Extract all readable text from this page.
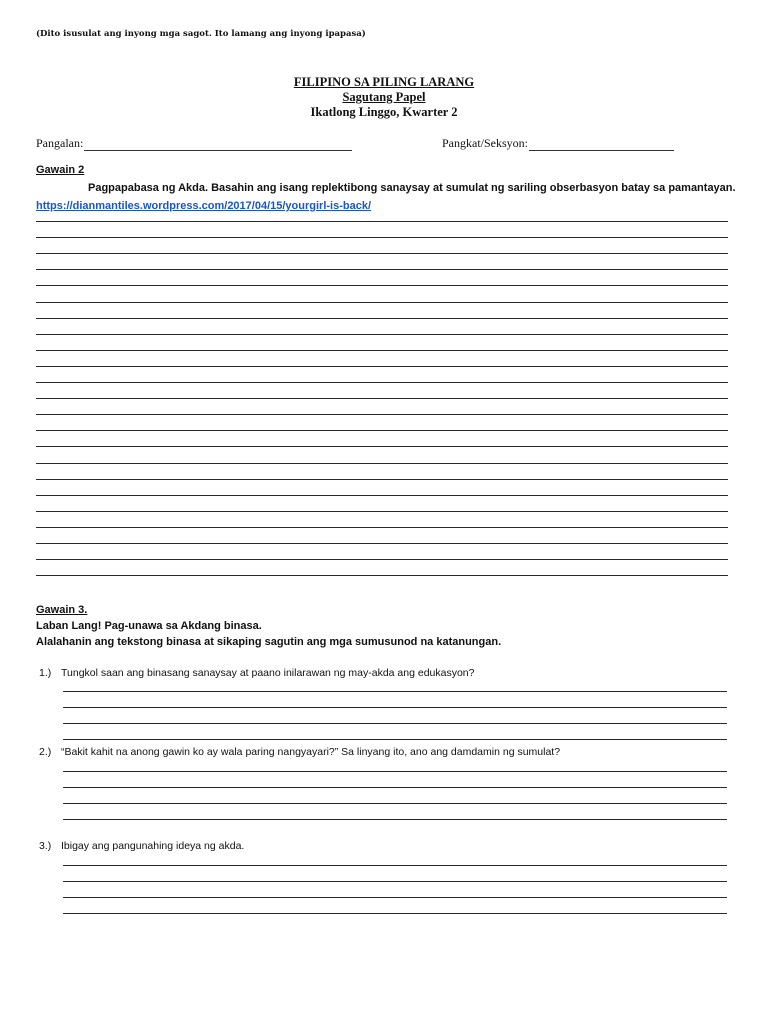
(Dito isusulat ang inyong mga sagot. Ito lamang ang inyong ipapasa)
FILIPINO SA PILING LARANG
Sagutang Papel
Ikatlong Linggo, Kwarter 2
Pangalan:	Pangkat/Seksyon:
Gawain 2
Pagpapabasa ng Akda. Basahin ang isang replektibong sanaysay at sumulat ng sariling obserbasyon batay sa pamantayan. https://dianmantiles.wordpress.com/2017/04/15/yourgirl-is-back/
Gawain 3.
Laban Lang! Pag-unawa sa Akdang binasa.
Alalahanin ang tekstong binasa at sikaping sagutin ang mga sumusunod na katanungan.
1.) Tungkol saan ang binasang sanaysay at paano inilarawan ng may-akda ang edukasyon?
2.) “Bakit kahit na anong gawin ko ay wala paring nangyayari?” Sa linyang ito, ano ang damdamin ng sumulat?
3.) Ibigay ang pangunahing ideya ng akda.
